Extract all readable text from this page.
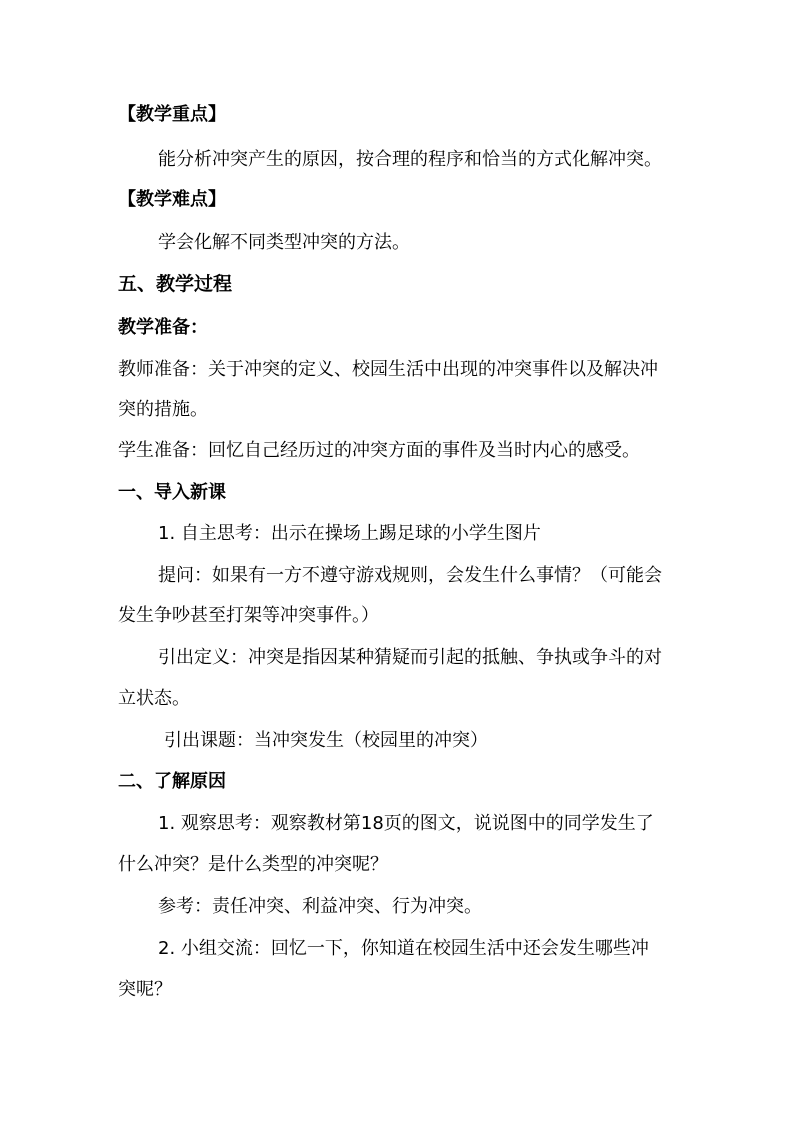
【教学重点】
能分析冲突产生的原因，按合理的程序和恰当的方式化解冲突。
【教学难点】
学会化解不同类型冲突的方法。
五、教学过程
教学准备：
教师准备：关于冲突的定义、校园生活中出现的冲突事件以及解决冲
突的措施。
学生准备：回忆自己经历过的冲突方面的事件及当时内心的感受。
一、导入新课
1. 自主思考：出示在操场上踢足球的小学生图片
提问：如果有一方不遵守游戏规则，会发生什么事情？（可能会
发生争吵甚至打架等冲突事件。）
引出定义：冲突是指因某种猜疑而引起的抵触、争执或争斗的对
立状态。
引出课题：当冲突发生（校园里的冲突）
二、了解原因
1. 观察思考：观察教材第18页的图文，说说图中的同学发生了
什么冲突？是什么类型的冲突呢？
参考：责任冲突、利益冲突、行为冲突。
2. 小组交流：回忆一下，你知道在校园生活中还会发生哪些冲
突呢？
